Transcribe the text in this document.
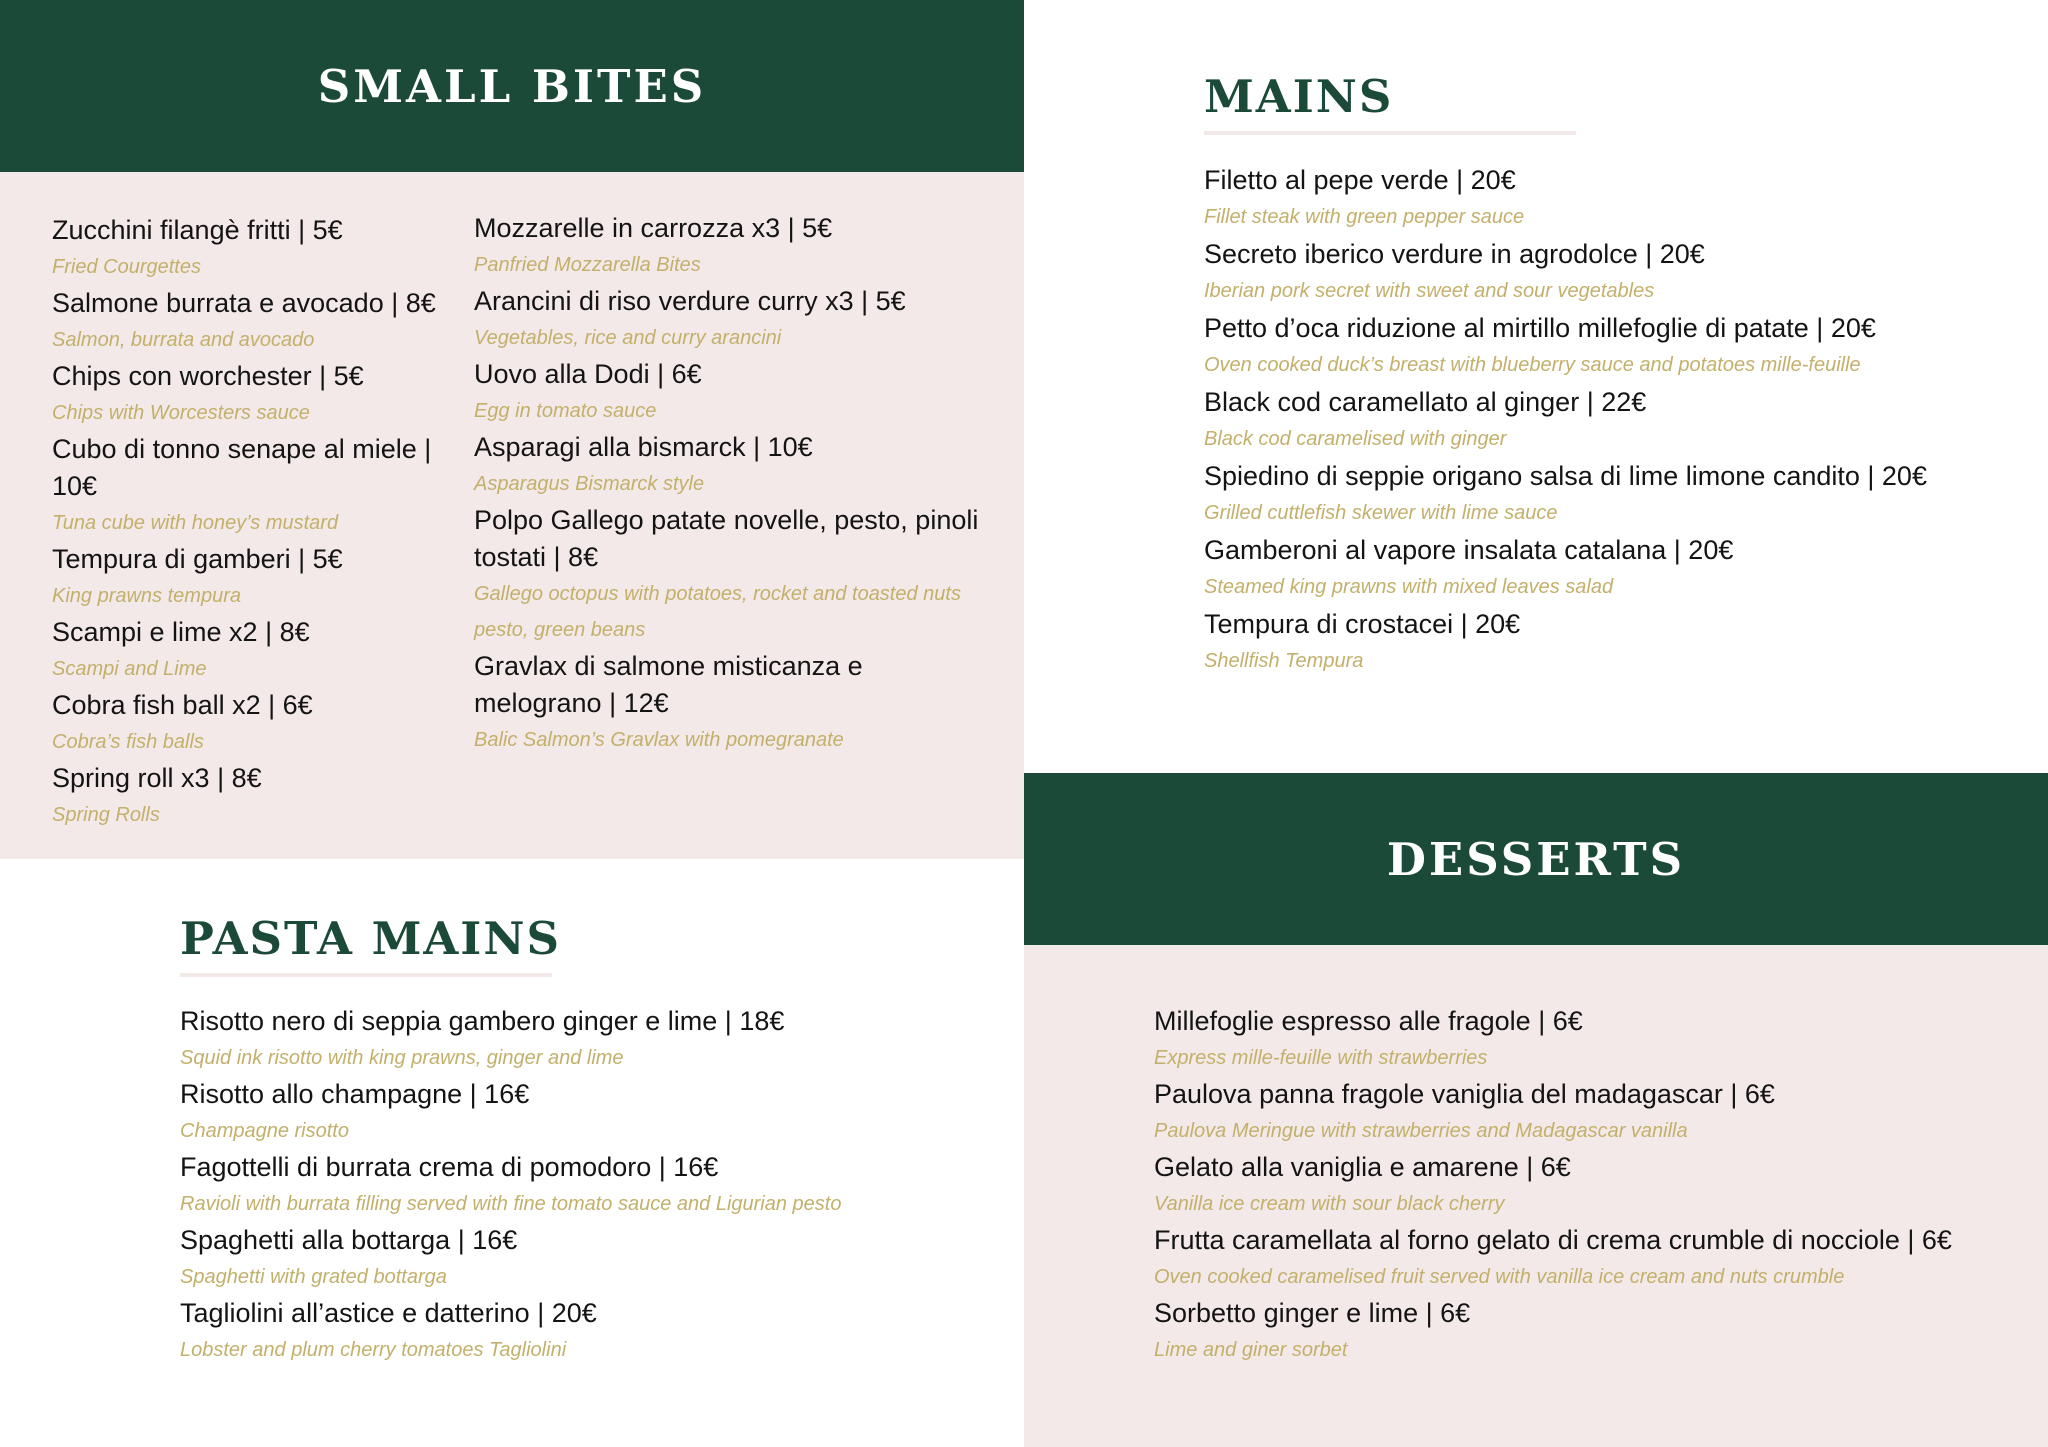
SMALL BITES

Zucchini filangè fritti | 5€

Fried Courgettes

Salmone burrata e avocado | 8€

Salmon, burrata and avocado

Chips con worchester | 5€

Chips with Worcesters sauce

Cubo di tonno senape al miele | 10€

Tuna cube with honey’s mustard

Tempura di gamberi | 5€

King prawns tempura

Scampi e lime x2 | 8€

Scampi and Lime

Cobra fish ball x2 | 6€

Cobra’s fish balls

Spring roll x3 | 8€

Spring Rolls

Mozzarelle in carrozza x3 | 5€

Panfried Mozzarella Bites

Arancini di riso verdure curry x3 | 5€

Vegetables, rice and curry arancini

Uovo alla Dodi | 6€

Egg in tomato sauce

Asparagi alla bismarck | 10€

Asparagus Bismarck style

Polpo Gallego patate novelle, pesto, pinoli tostati | 8€

Gallego octopus with potatoes, rocket and toasted nuts pesto, green beans

Gravlax di salmone misticanza e melograno | 12€

Balic Salmon’s Gravlax with pomegranate

MAINS

Filetto al pepe verde | 20€

Fillet steak with green pepper sauce

Secreto iberico verdure in agrodolce | 20€

Iberian pork secret with sweet and sour vegetables

Petto d’oca riduzione al mirtillo millefoglie di patate | 20€

Oven cooked duck’s breast with blueberry sauce and potatoes mille-feuille

Black cod caramellato al ginger | 22€

Black cod caramelised with ginger

Spiedino di seppie origano salsa di lime limone candito | 20€

Grilled cuttlefish skewer with lime sauce

Gamberoni al vapore insalata catalana | 20€

Steamed king prawns with mixed leaves salad

Tempura di crostacei | 20€

Shellfish Tempura

PASTA MAINS

Risotto nero di seppia gambero ginger e lime | 18€

Squid ink risotto with king prawns, ginger and lime

Risotto allo champagne | 16€

Champagne risotto

Fagottelli di burrata crema di pomodoro | 16€

Ravioli with burrata filling served with fine tomato sauce and Ligurian pesto

Spaghetti alla bottarga | 16€

Spaghetti with grated bottarga

Tagliolini all’astice e datterino | 20€

Lobster and plum cherry tomatoes Tagliolini

DESSERTS

Millefoglie espresso alle fragole | 6€

Express mille-feuille with strawberries

Paulova panna fragole vaniglia del madagascar | 6€

Paulova Meringue with strawberries and Madagascar vanilla

Gelato alla vaniglia e amarene | 6€

Vanilla ice cream with sour black cherry

Frutta caramellata al forno gelato di crema crumble di nocciole | 6€

Oven cooked caramelised fruit served with vanilla ice cream and nuts crumble

Sorbetto ginger e lime | 6€

Lime and giner sorbet
